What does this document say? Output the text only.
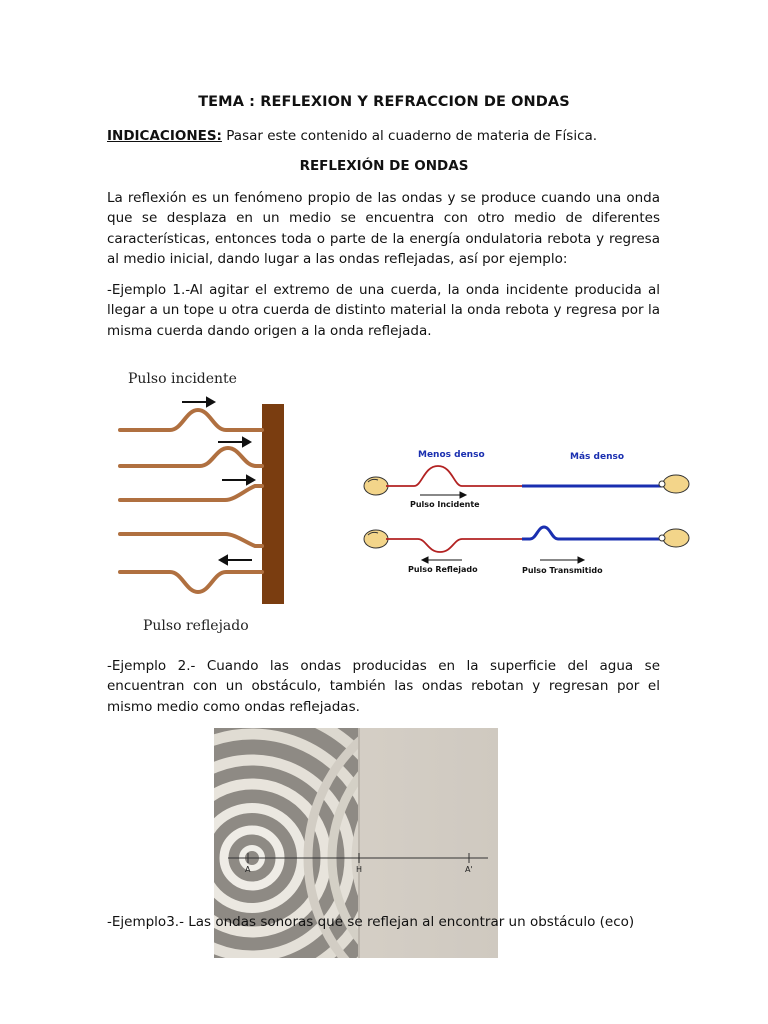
TEMA : REFLEXION Y REFRACCION DE ONDAS
INDICACIONES: Pasar este contenido al cuaderno de materia de Física.
REFLEXIÓN DE ONDAS
La reflexión es un fenómeno propio de las ondas y se produce cuando una onda que se desplaza en un medio se encuentra con otro medio de diferentes características, entonces toda o parte de la energía ondulatoria rebota y regresa al medio inicial, dando lugar a las ondas reflejadas, así por ejemplo:
-Ejemplo 1.-Al agitar el extremo de una cuerda, la onda incidente producida al llegar a un tope u otra cuerda de distinto material la onda rebota y regresa por la misma cuerda dando origen a la onda reflejada.
Pulso incidente
Pulso reflejado
Menos denso	Más denso
Pulso Incidente
Pulso Reflejado	Pulso Transmitido
-Ejemplo 2.- Cuando las ondas producidas en la superficie del agua se encuentran con un obstáculo, también las ondas rebotan y regresan por el mismo medio como ondas reflejadas.
A	H	A'
-Ejemplo3.- Las ondas sonoras que se reflejan al encontrar un obstáculo (eco)
